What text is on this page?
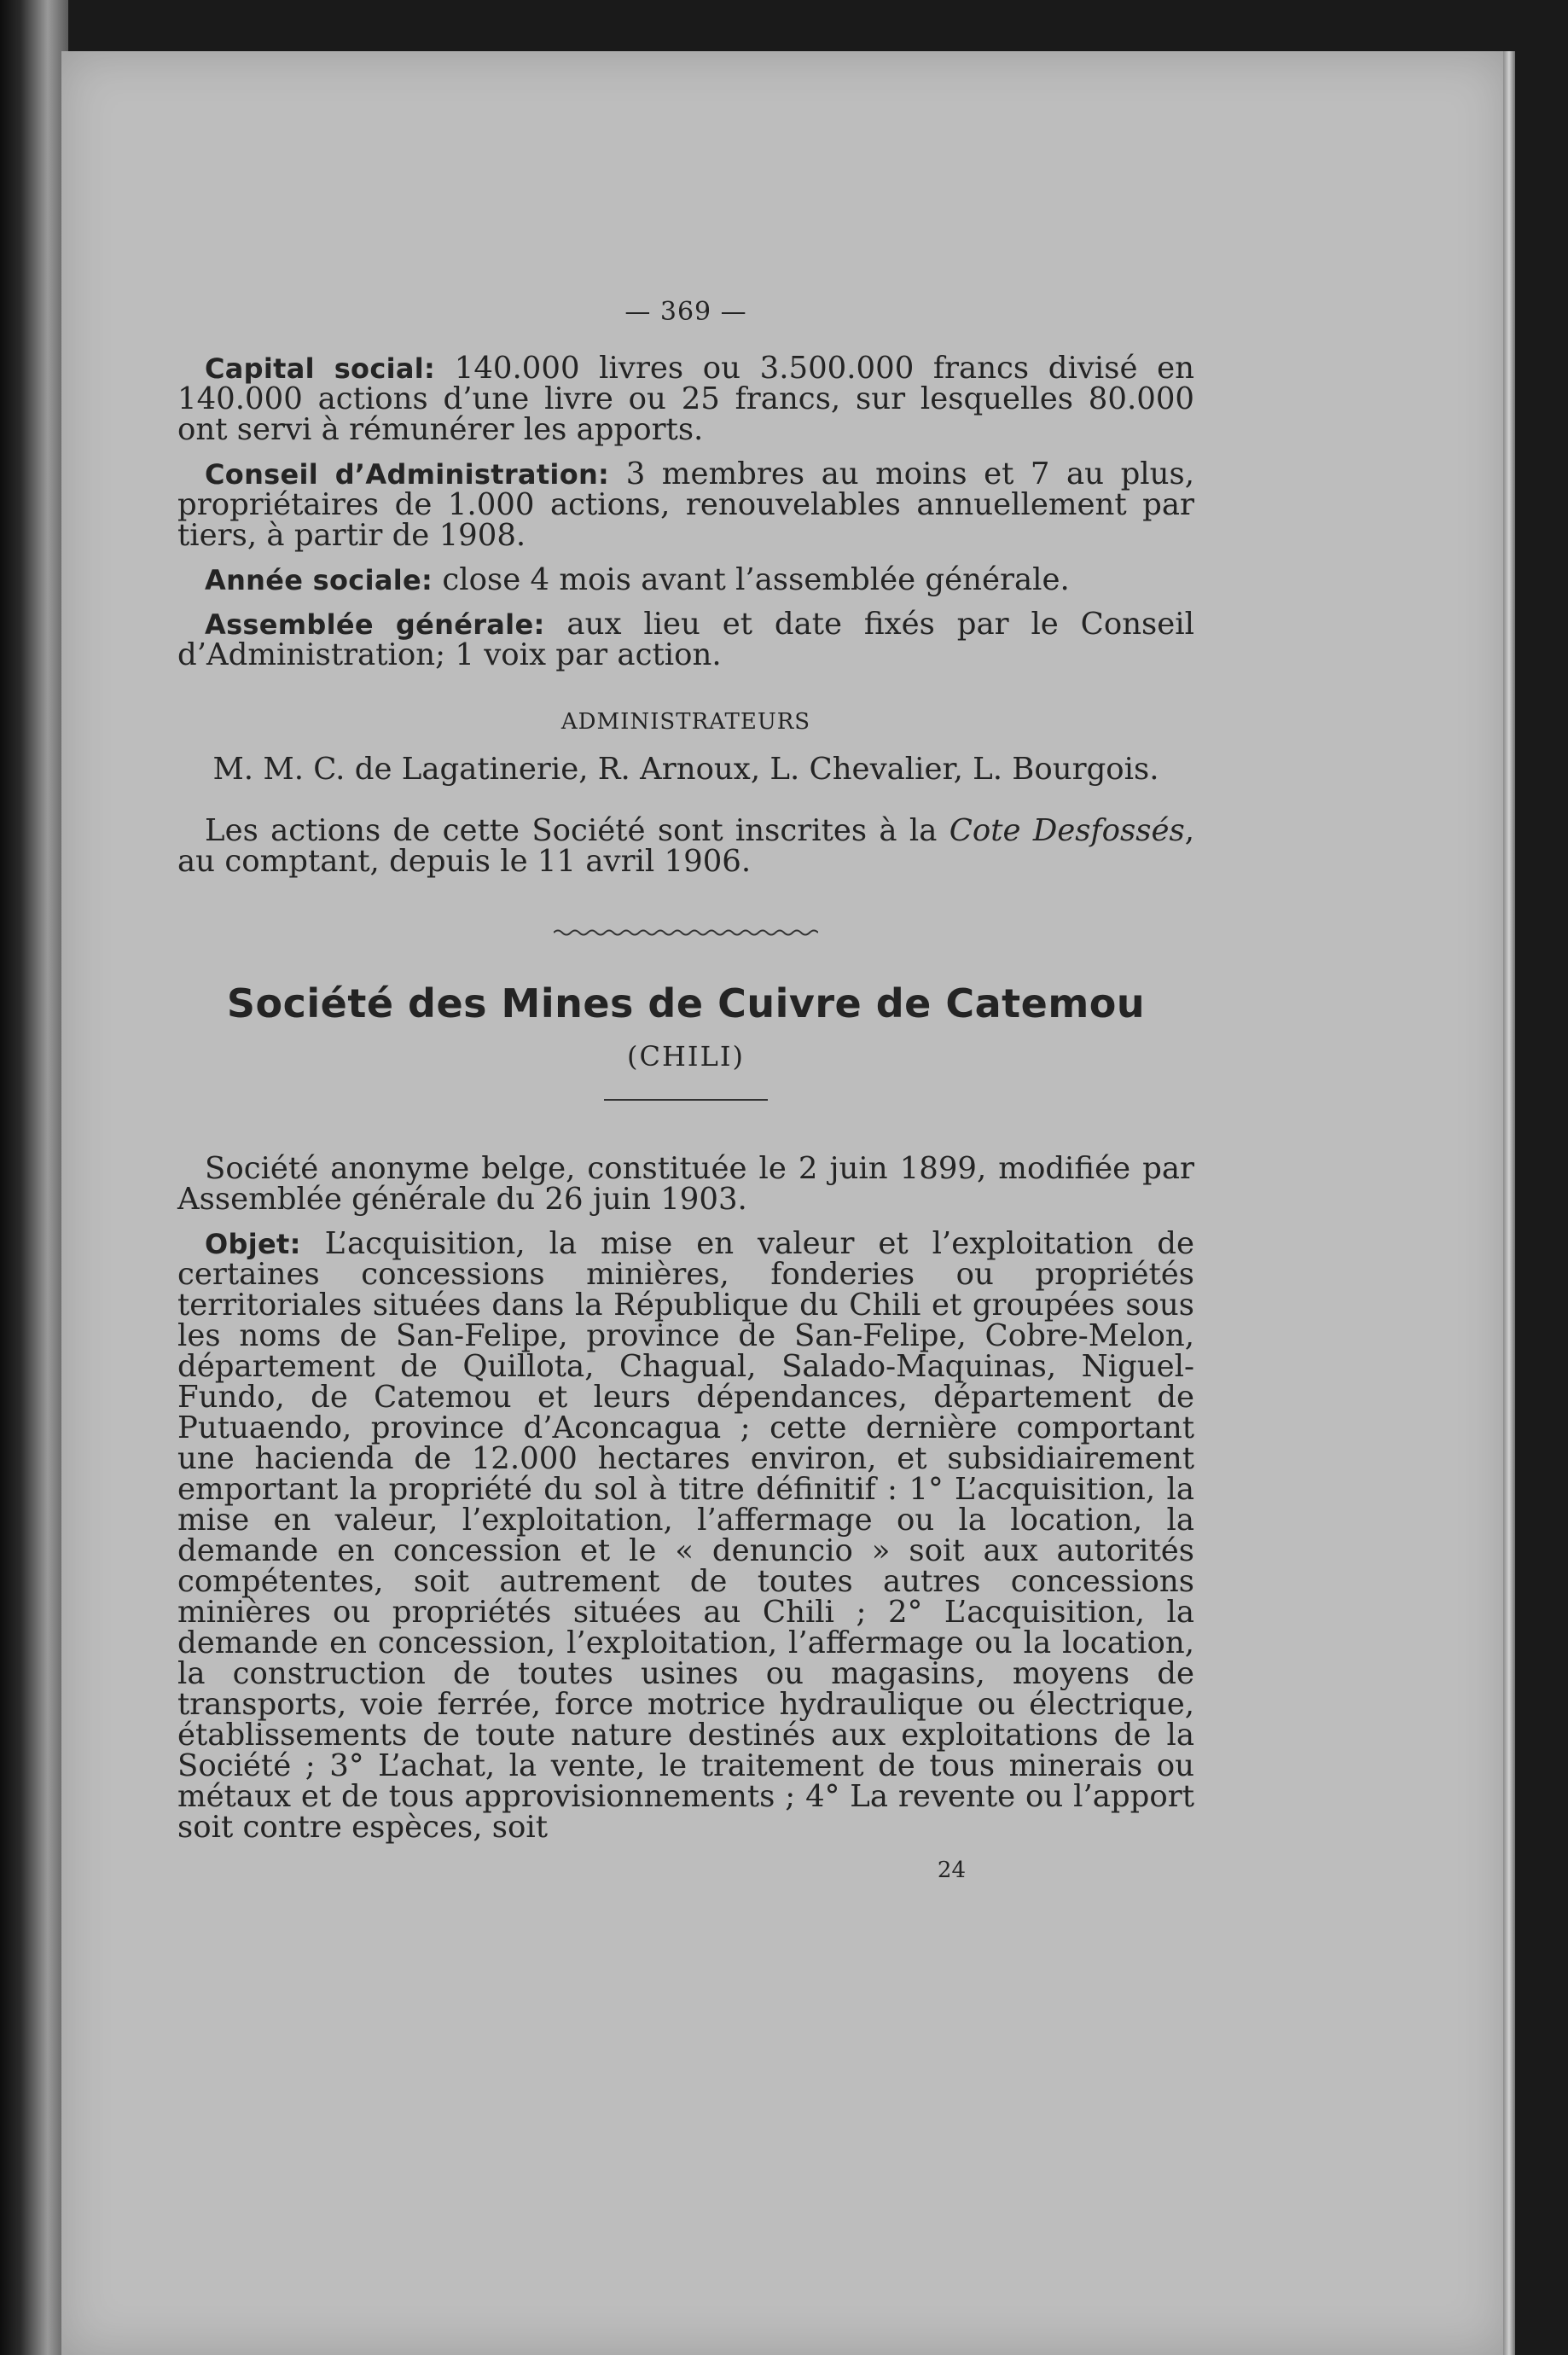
— 369 —

Capital social: 140.000 livres ou 3.500.000 francs divisé en 140.000 actions d’une livre ou 25 francs, sur lesquelles 80.000 ont servi à rémunérer les apports.

Conseil d’Administration: 3 membres au moins et 7 au plus, propriétaires de 1.000 actions, renouvelables annuellement par tiers, à partir de 1908.

Année sociale: close 4 mois avant l’assemblée générale.

Assemblée générale: aux lieu et date fixés par le Conseil d’Administration; 1 voix par action.

ADMINISTRATEURS

M. M. C. de Lagatinerie, R. Arnoux, L. Chevalier, L. Bourgois.

Les actions de cette Société sont inscrites à la Cote Desfossés, au comptant, depuis le 11 avril 1906.

Société des Mines de Cuivre de Catemou
(CHILI)

Société anonyme belge, constituée le 2 juin 1899, modifiée par Assemblée générale du 26 juin 1903.

Objet: L’acquisition, la mise en valeur et l’exploitation de certaines concessions minières, fonderies ou propriétés territoriales situées dans la République du Chili et groupées sous les noms de San-Felipe, province de San-Felipe, Cobre-Melon, département de Quillota, Chagual, Salado-Maquinas, Niguel-Fundo, de Catemou et leurs dépendances, département de Putuaendo, province d’Aconcagua ; cette dernière comportant une hacienda de 12.000 hectares environ, et subsidiairement emportant la propriété du sol à titre définitif : 1° L’acquisition, la mise en valeur, l’exploitation, l’affermage ou la location, la demande en concession et le « denuncio » soit aux autorités compétentes, soit autrement de toutes autres concessions minières ou propriétés situées au Chili ; 2° L’acquisition, la demande en concession, l’exploitation, l’affermage ou la location, la construction de toutes usines ou magasins, moyens de transports, voie ferrée, force motrice hydraulique ou électrique, établissements de toute nature destinés aux exploitations de la Société ; 3° L’achat, la vente, le traitement de tous minerais ou métaux et de tous approvisionnements ; 4° La revente ou l’apport soit contre espèces, soit

24
